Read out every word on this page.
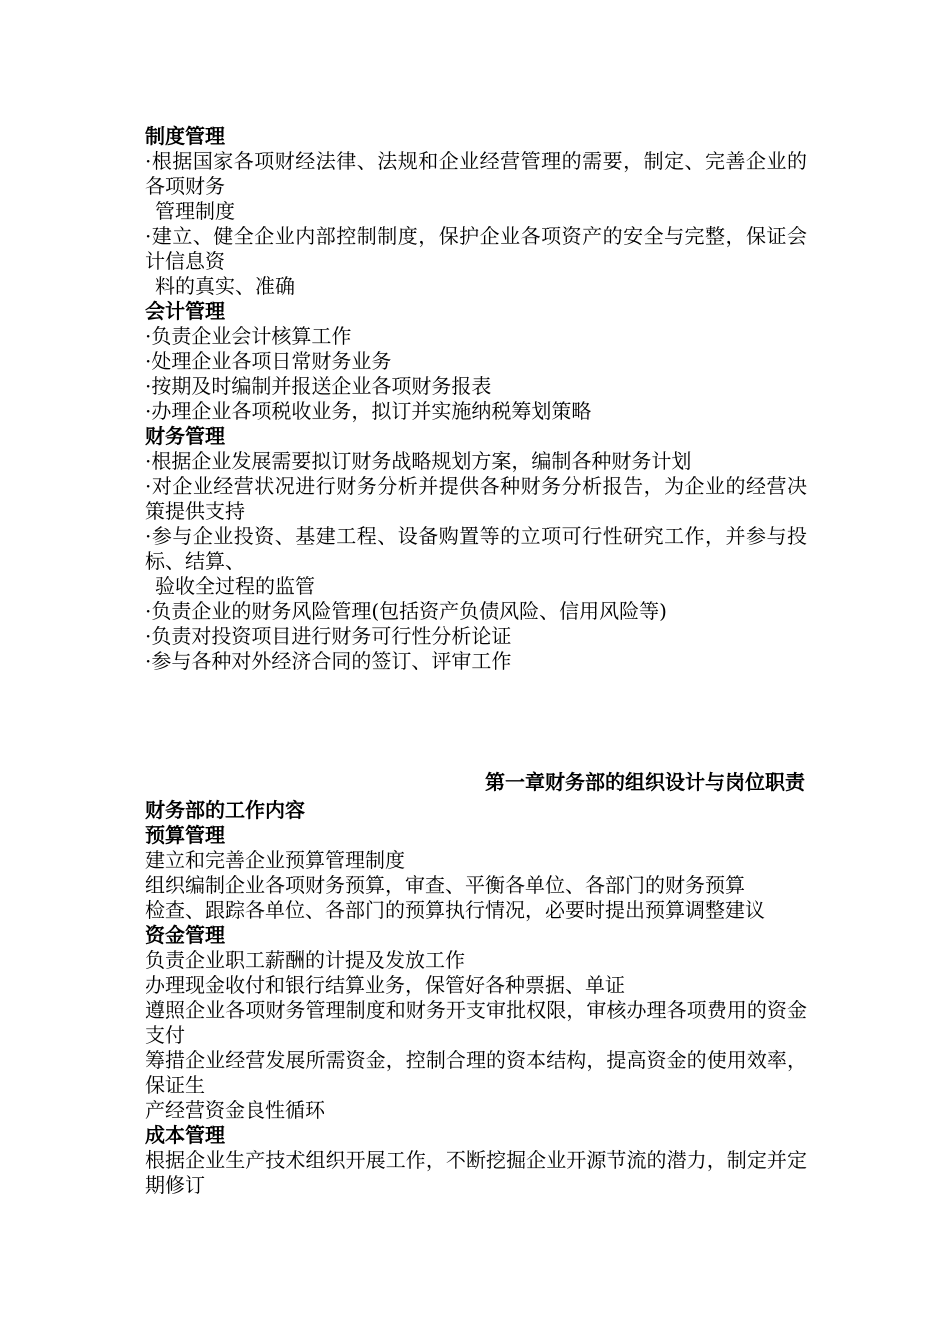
制度管理
·根据国家各项财经法律、法规和企业经营管理的需要，制定、完善企业的各项财务
管理制度
·建立、健全企业内部控制制度，保护企业各项资产的安全与完整，保证会计信息资
料的真实、准确
会计管理
·负责企业会计核算工作
·处理企业各项日常财务业务
·按期及时编制并报送企业各项财务报表
·办理企业各项税收业务，拟订并实施纳税筹划策略
财务管理
·根据企业发展需要拟订财务战略规划方案，编制各种财务计划
·对企业经营状况进行财务分析并提供各种财务分析报告，为企业的经营决策提供支持
·参与企业投资、基建工程、设备购置等的立项可行性研究工作，并参与投标、结算、
验收全过程的监管
·负责企业的财务风险管理(包括资产负债风险、信用风险等)
·负责对投资项目进行财务可行性分析论证
·参与各种对外经济合同的签订、评审工作
第一章财务部的组织设计与岗位职责
财务部的工作内容
预算管理
建立和完善企业预算管理制度
组织编制企业各项财务预算，审查、平衡各单位、各部门的财务预算
检查、跟踪各单位、各部门的预算执行情况，必要时提出预算调整建议
资金管理
负责企业职工薪酬的计提及发放工作
办理现金收付和银行结算业务，保管好各种票据、单证
遵照企业各项财务管理制度和财务开支审批权限，审核办理各项费用的资金支付
筹措企业经营发展所需资金，控制合理的资本结构，提高资金的使用效率，保证生
产经营资金良性循环
成本管理
根据企业生产技术组织开展工作，不断挖掘企业开源节流的潜力，制定并定期修订
